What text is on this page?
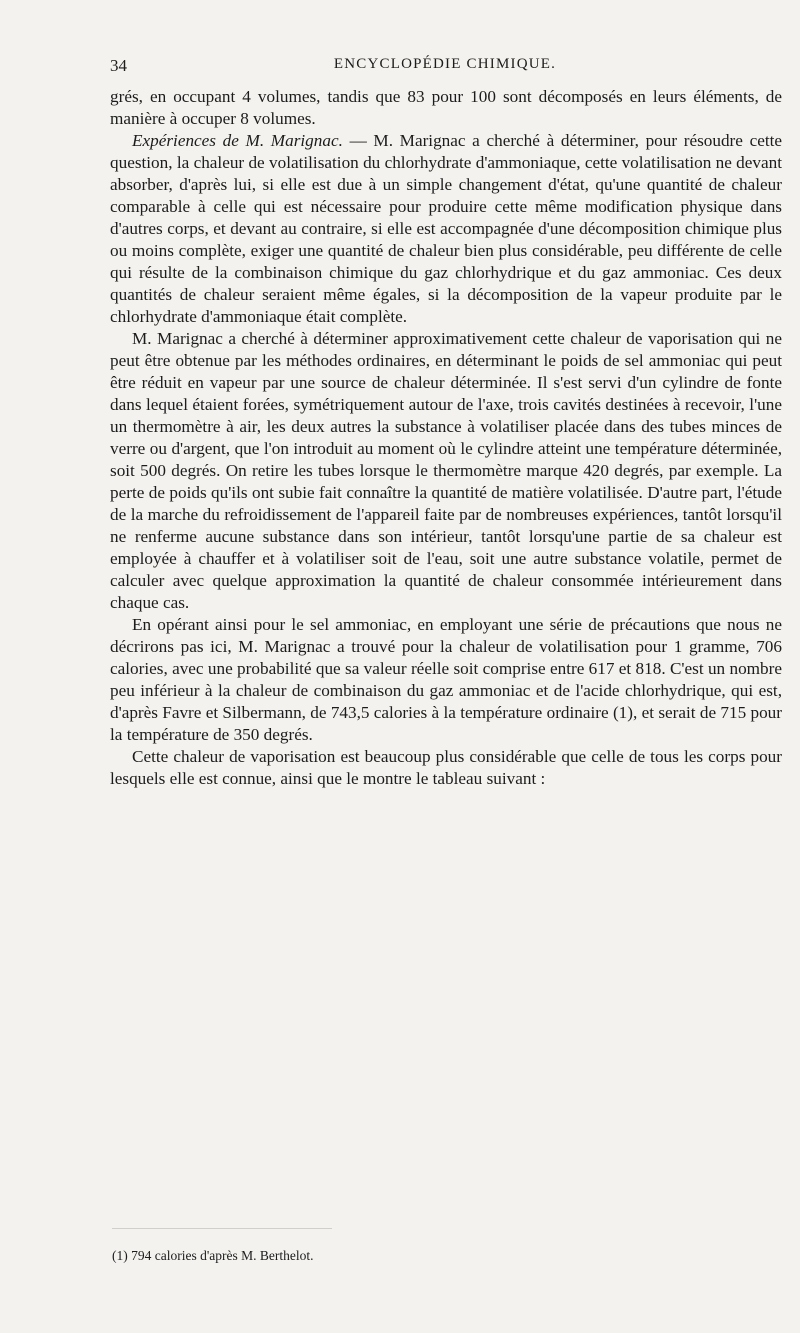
34	ENCYCLOPÉDIE CHIMIQUE.

grés, en occupant 4 volumes, tandis que 83 pour 100 sont décomposés en leurs éléments, de manière à occuper 8 volumes.

Expériences de M. Marignac. — M. Marignac a cherché à déterminer, pour résoudre cette question, la chaleur de volatilisation du chlorhydrate d'ammoniaque, cette volatilisation ne devant absorber, d'après lui, si elle est due à un simple changement d'état, qu'une quantité de chaleur comparable à celle qui est nécessaire pour produire cette même modification physique dans d'autres corps, et devant au contraire, si elle est accompagnée d'une décomposition chimique plus ou moins complète, exiger une quantité de chaleur bien plus considérable, peu différente de celle qui résulte de la combinaison chimique du gaz chlorhydrique et du gaz ammoniac. Ces deux quantités de chaleur seraient même égales, si la décomposition de la vapeur produite par le chlorhydrate d'ammoniaque était complète.

M. Marignac a cherché à déterminer approximativement cette chaleur de vaporisation qui ne peut être obtenue par les méthodes ordinaires, en déterminant le poids de sel ammoniac qui peut être réduit en vapeur par une source de chaleur déterminée. Il s'est servi d'un cylindre de fonte dans lequel étaient forées, symétriquement autour de l'axe, trois cavités destinées à recevoir, l'une un thermomètre à air, les deux autres la substance à volatiliser placée dans des tubes minces de verre ou d'argent, que l'on introduit au moment où le cylindre atteint une température déterminée, soit 500 degrés. On retire les tubes lorsque le thermomètre marque 420 degrés, par exemple. La perte de poids qu'ils ont subie fait connaître la quantité de matière volatilisée. D'autre part, l'étude de la marche du refroidissement de l'appareil faite par de nombreuses expériences, tantôt lorsqu'il ne renferme aucune substance dans son intérieur, tantôt lorsqu'une partie de sa chaleur est employée à chauffer et à volatiliser soit de l'eau, soit une autre substance volatile, permet de calculer avec quelque approximation la quantité de chaleur consommée intérieurement dans chaque cas.

En opérant ainsi pour le sel ammoniac, en employant une série de précautions que nous ne décrirons pas ici, M. Marignac a trouvé pour la chaleur de volatilisation pour 1 gramme, 706 calories, avec une probabilité que sa valeur réelle soit comprise entre 617 et 818. C'est un nombre peu inférieur à la chaleur de combinaison du gaz ammoniac et de l'acide chlorhydrique, qui est, d'après Favre et Silbermann, de 743,5 calories à la température ordinaire (1), et serait de 715 pour la température de 350 degrés.

Cette chaleur de vaporisation est beaucoup plus considérable que celle de tous les corps pour lesquels elle est connue, ainsi que le montre le tableau suivant :

(1) 794 calories d'après M. Berthelot.
